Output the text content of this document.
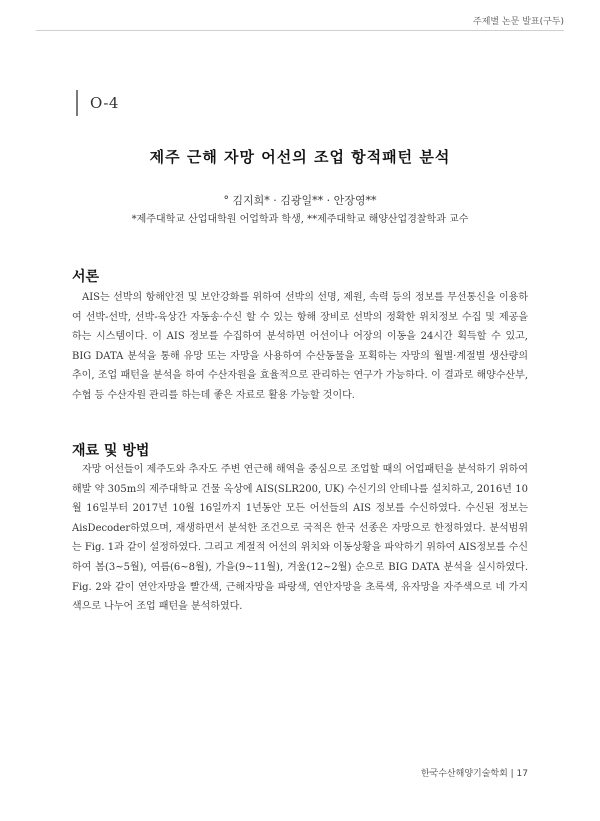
주제별 논문 발표(구두)
O-4
제주 근해 자망 어선의 조업 항적패턴 분석
° 김지희* · 김광일** · 안장영**
*제주대학교 산업대학원 어업학과 학생, **제주대학교 해양산업경찰학과 교수
서론

AIS는 선박의 항해안전 및 보안강화를 위하여 선박의 선명, 제원, 속력 등의 정보를 무선통신을 이용하여 선박-선박, 선박-육상간 자동송·수신 할 수 있는 항해 장비로 선박의 정확한 위치정보 수집 및 제공을 하는 시스템이다. 이 AIS 정보를 수집하여 분석하면 어선이나 어장의 이동을 24시간 획득할 수 있고, BIG DATA 분석을 통해 유망 또는 자망을 사용하여 수산동물을 포획하는 자망의 월별·계절별 생산량의 추이, 조업 패턴을 분석을 하여 수산자원을 효율적으로 관리하는 연구가 가능하다. 이 결과로 해양수산부, 수협 등 수산자원 관리를 하는데 좋은 자료로 활용 가능할 것이다.

재료 및 방법

자망 어선들이 제주도와 추자도 주변 연근해 해역을 중심으로 조업할 때의 어업패턴을 분석하기 위하여 해발 약 305m의 제주대학교 건물 옥상에 AIS(SLR200, UK) 수신기의 안테나를 설치하고, 2016년 10월 16일부터 2017년 10월 16일까지 1년동안 모든 어선들의 AIS 정보를 수신하였다. 수신된 정보는 AisDecoder하였으며, 재생하면서 분석한 조건으로 국적은 한국 선종은 자망으로 한정하였다. 분석범위는 Fig. 1과 같이 설정하였다. 그리고 계절적 어선의 위치와 이동상황을 파악하기 위하여 AIS정보를 수신하여 봄(3~5월), 여름(6~8월), 가을(9~11월), 겨울(12~2월) 순으로 BIG DATA 분석을 실시하였다. Fig. 2와 같이 연안자망을 빨간색, 근해자망을 파랑색, 연안자망을 초록색, 유자망을 자주색으로 네 가지 색으로 나누어 조업 패턴을 분석하였다.

한국수산해양기술학회 | 17
